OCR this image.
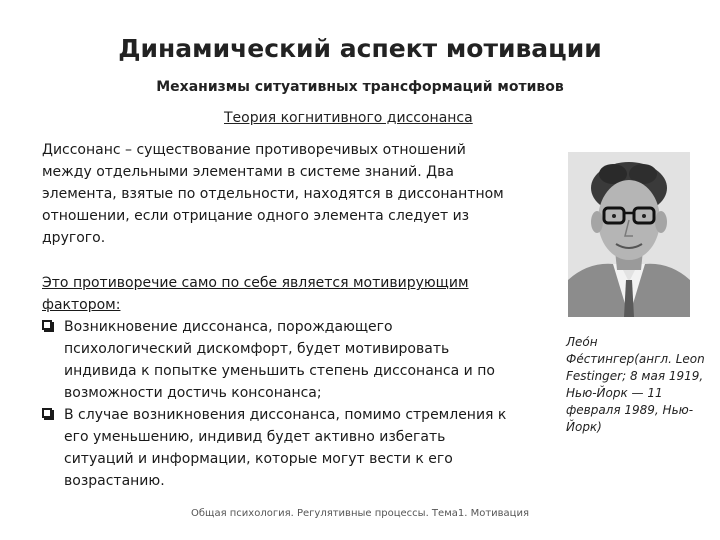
Динамический аспект мотивации
Механизмы ситуативных трансформаций мотивов
Теория когнитивного диссонанса
Диссонанс – существование противоречивых отношений между отдельными элементами в системе знаний. Два элемента, взятые по отдельности, находятся в диссонантном отношении, если отрицание одного элемента следует из другого.
Это противоречие само по себе является мотивирующим фактором:
Возникновение диссонанса, порождающего психологический дискомфорт, будет мотивировать индивида к попытке уменьшить степень диссонанса и по возможности достичь консонанса;
В случае возникновения диссонанса, помимо стремления к его уменьшению, индивид будет активно избегать ситуаций и информации, которые могут вести к его возрастанию.
Лео́н Фе́стингер(англ. Leon Festinger; 8 мая 1919, Нью-Йорк — 11 февраля 1989, Нью-Йорк)
Общая психология. Регулятивные процессы. Тема1. Мотивация
